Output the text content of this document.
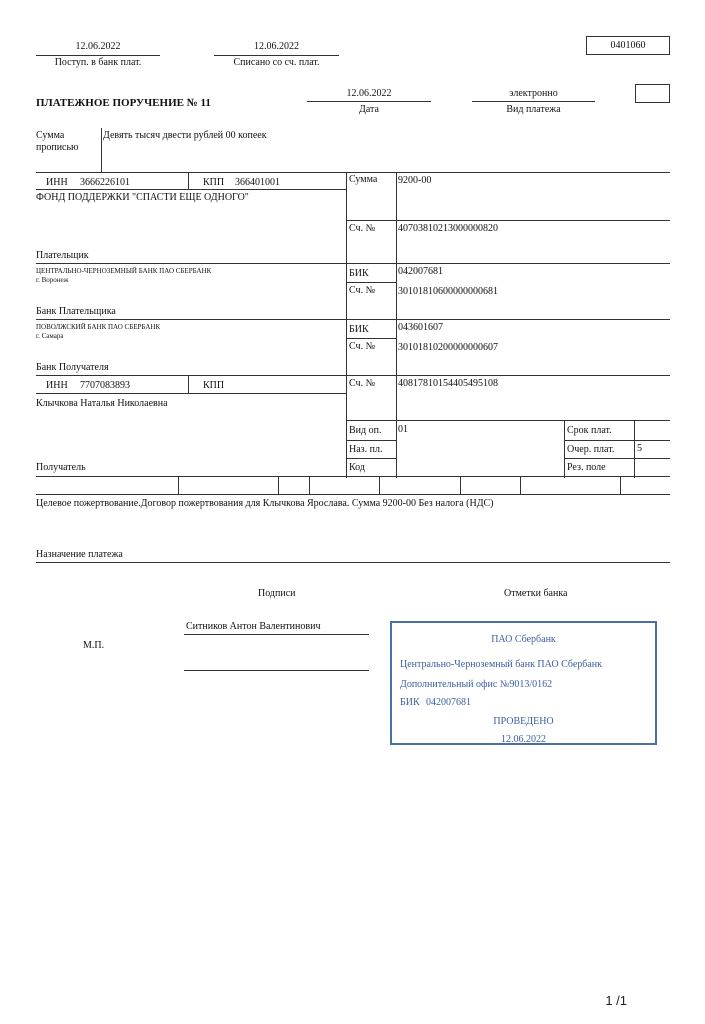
12.06.2022
Поступ. в банк плат.
12.06.2022
Списано со сч. плат.
0401060
ПЛАТЕЖНОЕ ПОРУЧЕНИЕ № 11
12.06.2022
Дата
электронно
Вид платежа
Сумма
прописью
Девять тысяч двести рублей 00 копеек
ИНН 3666226101	КПП 366401001
ФОНД ПОДДЕРЖКИ "СПАСТИ ЕЩЕ ОДНОГО"
Сумма 9200-00
Сч. № 40703810213000000820
Плательщик
ЦЕНТРАЛЬНО-ЧЕРНОЗЕМНЫЙ БАНК ПАО СБЕРБАНК
г. Воронеж
БИК	042007681
Сч. № 30101810600000000681
Банк Плательщика
ПОВОЛЖСКИЙ БАНК ПАО СБЕРБАНК
г. Самара
БИК	043601607
Сч. № 30101810200000000607
Банк Получателя
ИНН 7707083893	КПП	Сч. № 40817810154405495108
Клычкова Наталья Николаевна
Вид оп. 01
Наз. пл.
Код
Срок плат.
Очер. плат. 5
Рез. поле
Получатель
Целевое пожертвование.Договор пожертвования для Клычкова Ярослава. Сумма 9200-00 Без налога (НДС)
Назначение платежа
Подписи	Отметки банка
Ситников Антон Валентинович
М.П.
ПАО Сбербанк
Центрально-Черноземный банк ПАО Сбербанк
Дополнительный офис №9013/0162
БИК 042007681
ПРОВЕДЕНО
12.06.2022
1 /1
